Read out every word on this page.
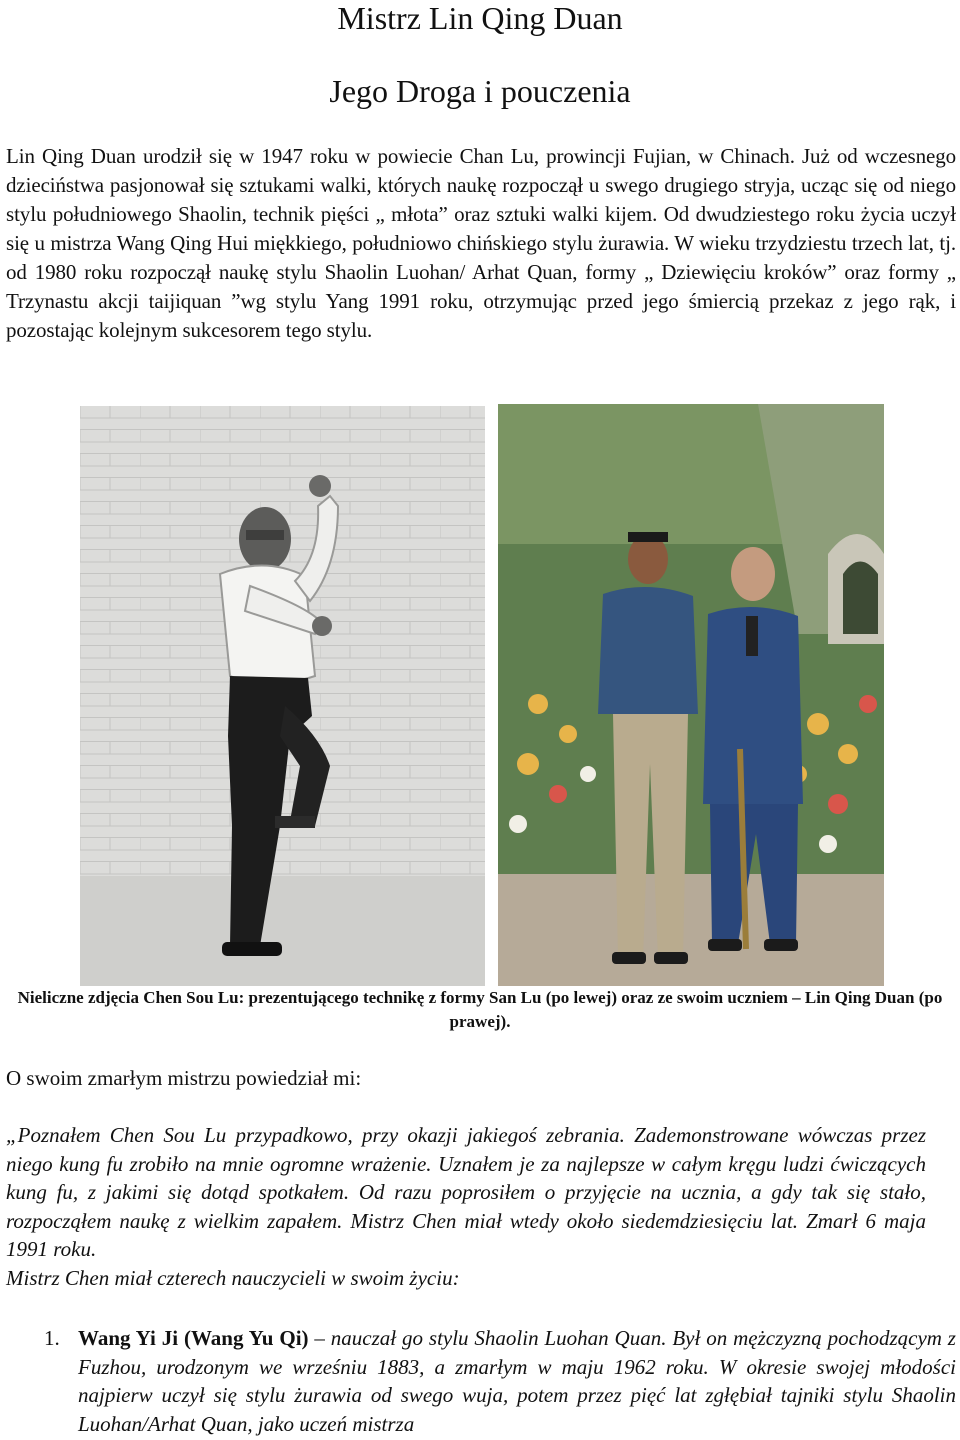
Mistrz Lin Qing Duan
Jego Droga i pouczenia

Lin Qing Duan urodził się w 1947 roku w powiecie Chan Lu, prowincji Fujian, w Chinach. Już od wczesnego dzieciństwa pasjonował się sztukami walki, których naukę rozpoczął u swego drugiego stryja, ucząc się od niego stylu południowego Shaolin, technik pięści „ młota” oraz sztuki walki kijem. Od dwudziestego roku życia uczył się u mistrza Wang Qing Hui miękkiego, południowo chińskiego stylu żurawia. W wieku trzydziestu trzech lat, tj. od 1980 roku rozpoczął naukę stylu Shaolin Luohan/ Arhat Quan, formy „ Dziewięciu kroków” oraz formy „ Trzynastu akcji taijiquan ”wg stylu Yang 1991 roku, otrzymując przed jego śmiercią przekaz z jego rąk, i pozostając kolejnym sukcesorem tego stylu.

Nieliczne zdjęcia Chen Sou Lu: prezentującego technikę z formy San Lu (po lewej) oraz ze swoim uczniem – Lin Qing Duan (po prawej).
O swoim zmarłym mistrzu powiedział mi:
„Poznałem Chen Sou Lu przypadkowo, przy okazji jakiegoś zebrania. Zademonstrowane wówczas przez niego kung fu zrobiło na mnie ogromne wrażenie. Uznałem je za najlepsze w całym kręgu ludzi ćwiczących kung fu, z jakimi się dotąd spotkałem. Od razu poprosiłem o przyjęcie na ucznia, a gdy tak się stało, rozpocząłem naukę z wielkim zapałem. Mistrz Chen miał wtedy około siedemdziesięciu lat. Zmarł 6 maja 1991 roku.
Mistrz Chen miał czterech nauczycieli w swoim życiu:
1. Wang Yi Ji (Wang Yu Qi) – nauczał go stylu Shaolin Luohan Quan. Był on mężczyzną pochodzącym z Fuzhou, urodzonym we wrześniu 1883, a zmarłym w maju 1962 roku. W okresie swojej młodości najpierw uczył się stylu żurawia od swego wuja, potem przez pięć lat zgłębiał tajniki stylu Shaolin Luohan/Arhat Quan, jako uczeń mistrza
